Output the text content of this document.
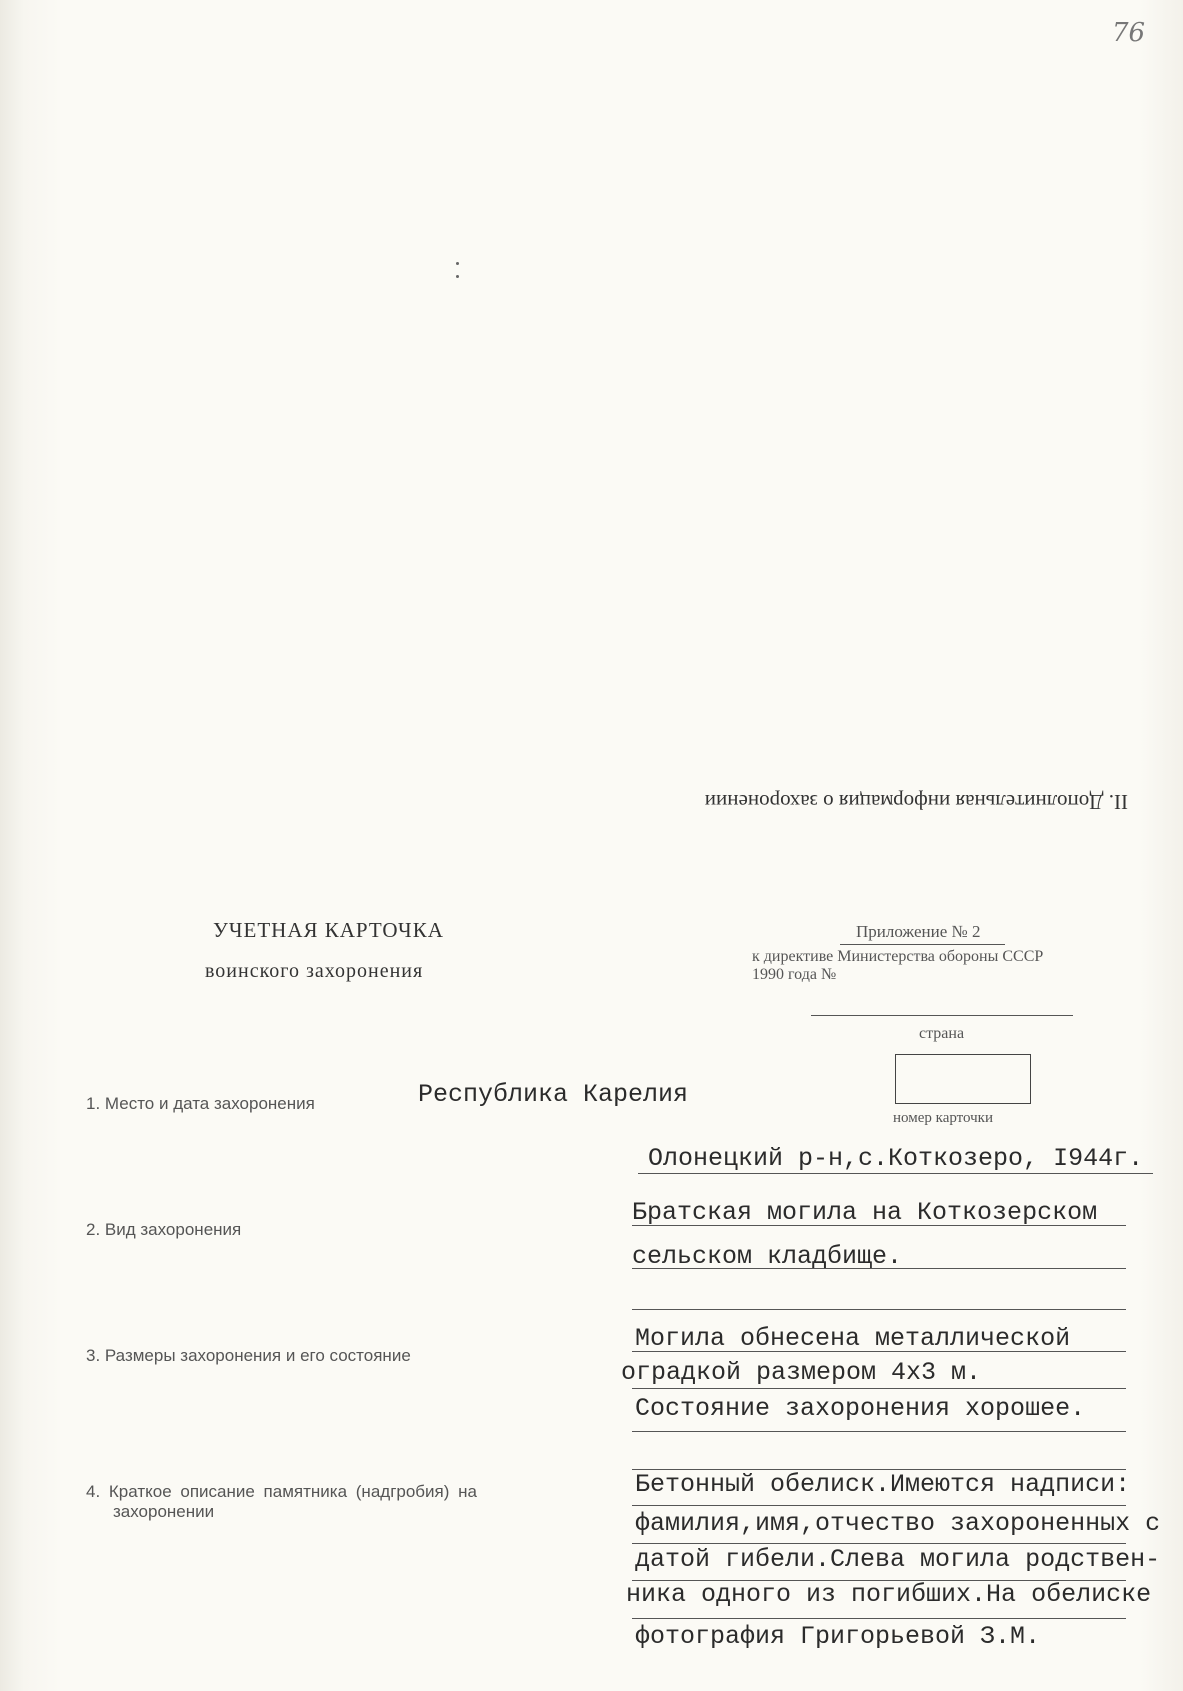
76
II. Дополнительная информация о захоронении
УЧЕТНАЯ КАРТОЧКА
воинского захоронения
Приложение № 2
к директиве Министерства обороны СССР
1990 года №
страна
номер карточки
1. Место и дата захоронения	Республика Карелия
Олонецкий р-н,с.Коткозеро, I944г.
2. Вид захоронения
Братская могила на Коткозерском
сельском кладбище.
3. Размеры захоронения и его состояние
Могила обнесена металлической
оградкой размером 4х3 м.
Состояние захоронения хорошее.
4. Краткое описание памятника (надгробия) на
захоронении
Бетонный обелиск.Имеются надписи:
фамилия,имя,отчество захороненных с
датой гибели.Слева могила родствен-
ника одного из погибших.На обелиске
фотография Григорьевой З.М.
